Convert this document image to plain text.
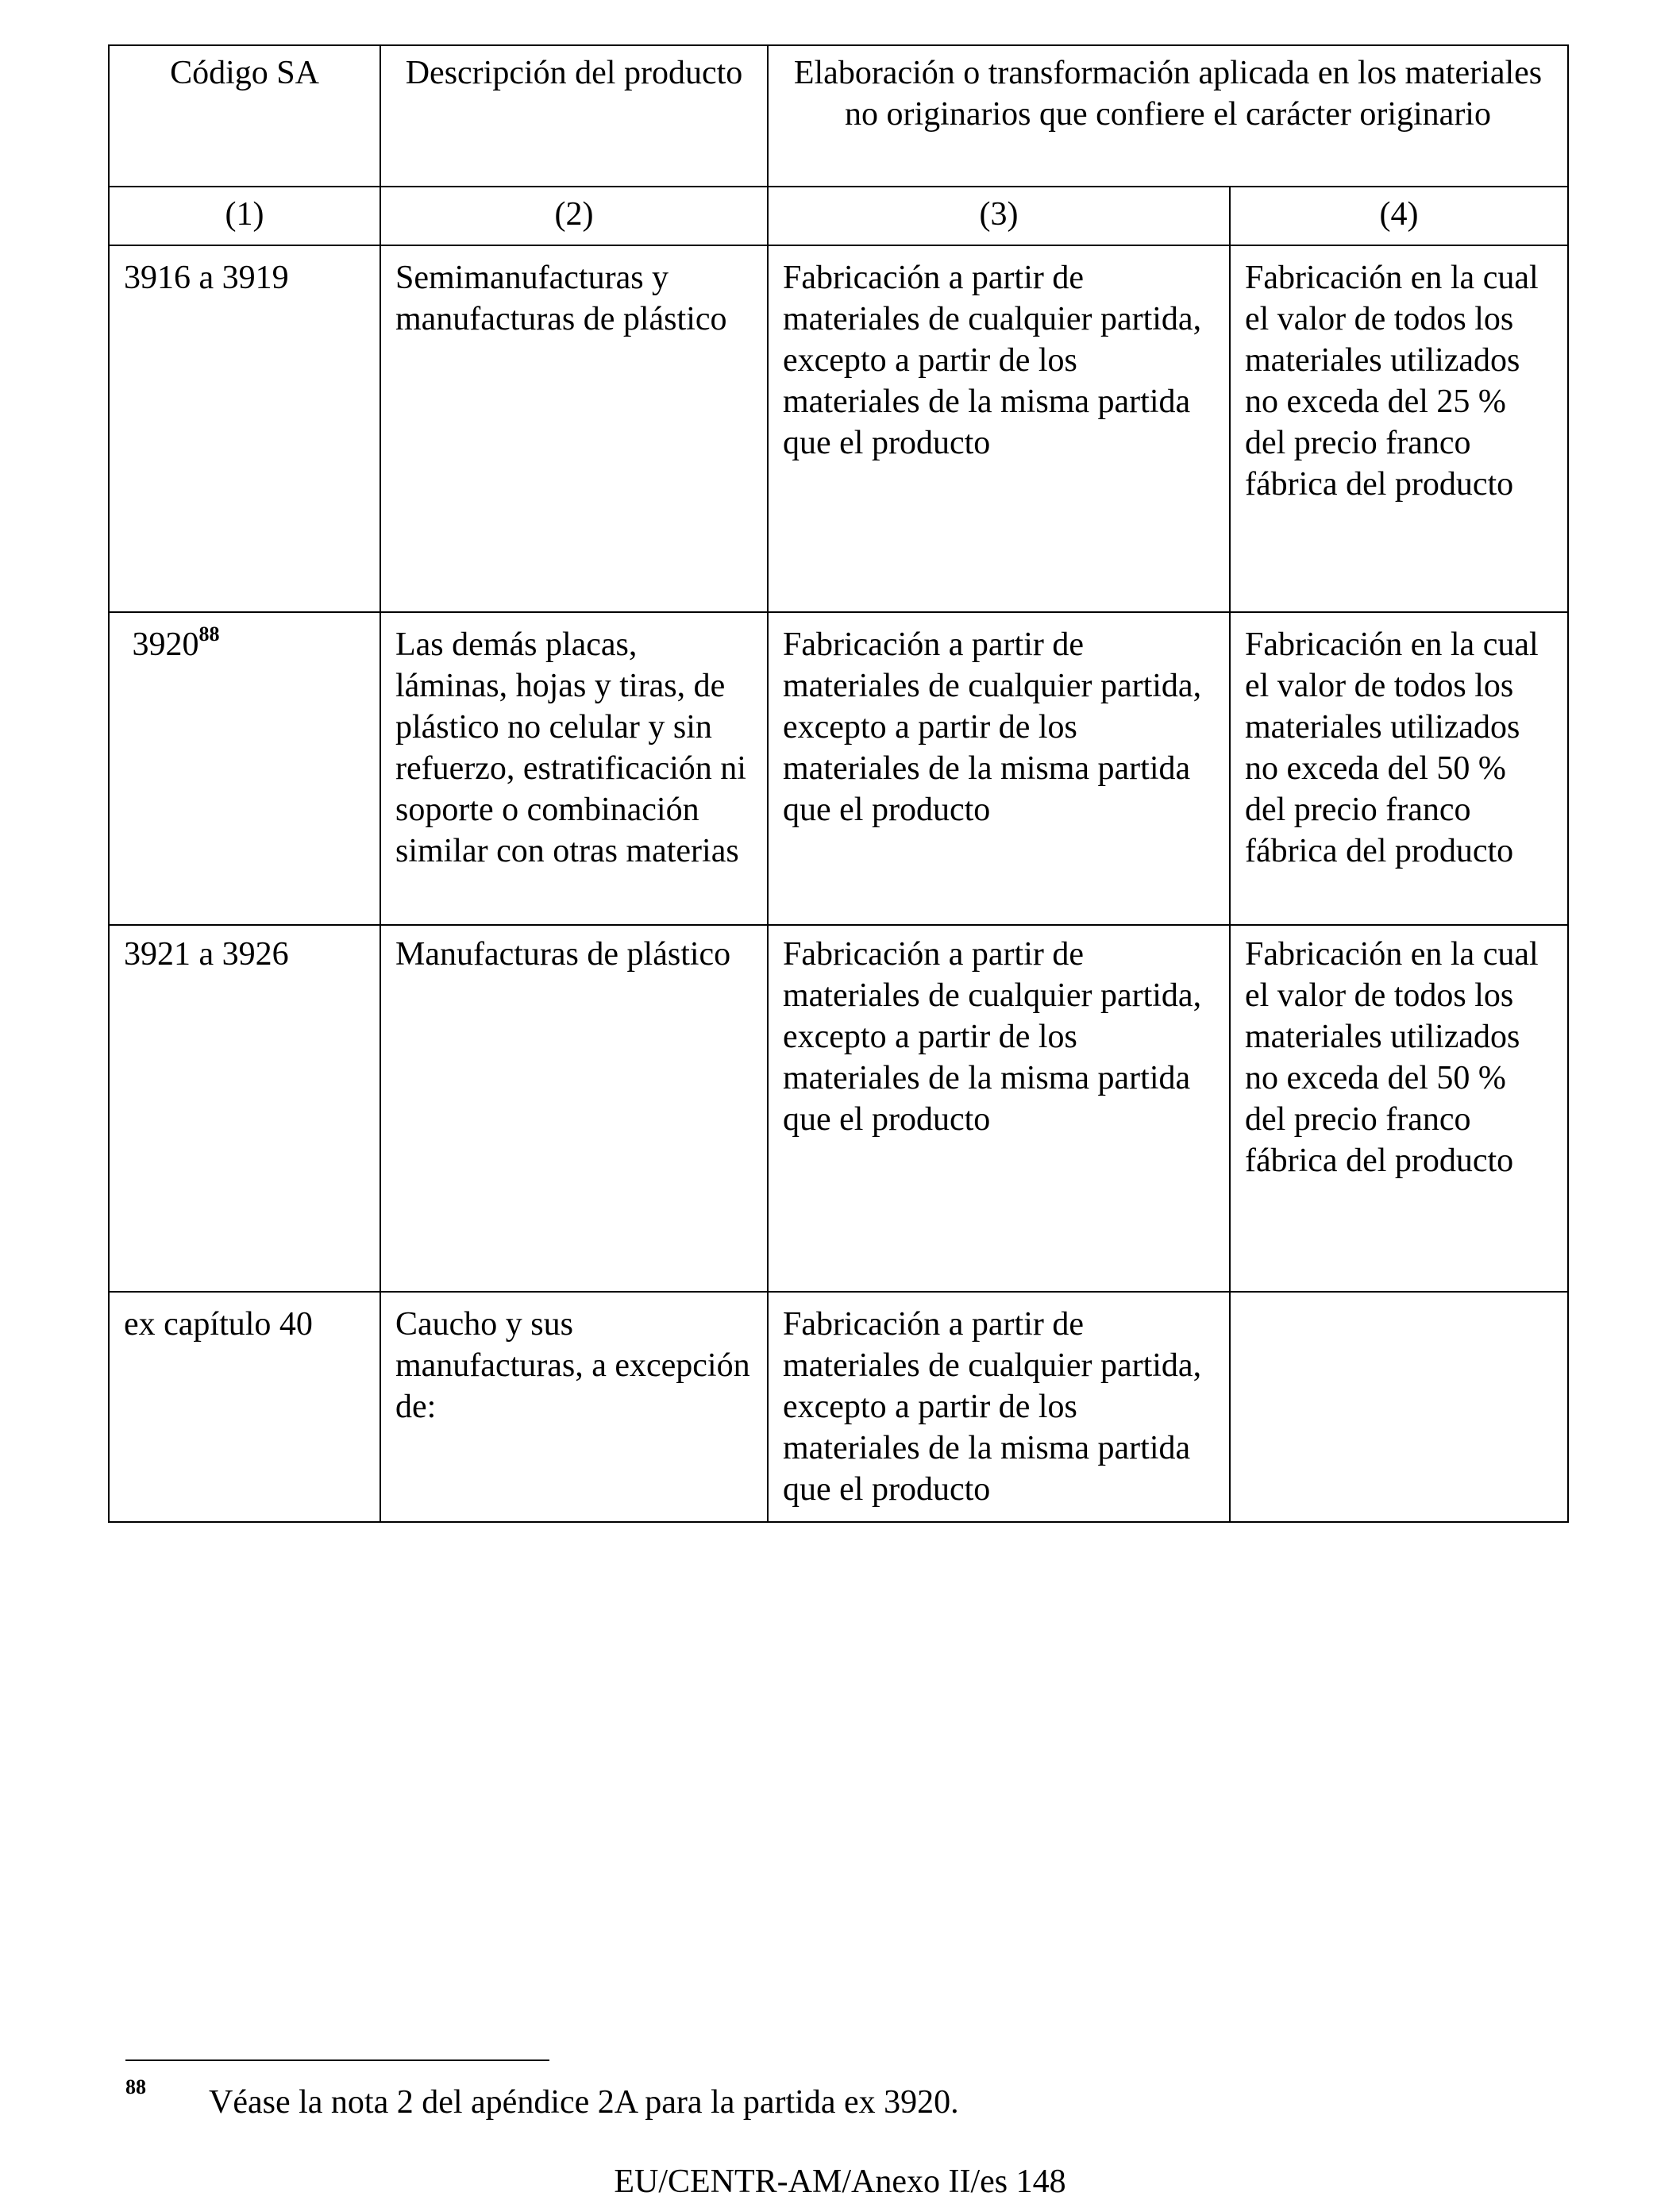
Código SA	Descripción del producto	Elaboración o transformación aplicada en los materiales no originarios que confiere el carácter originario	
(1)	(2)	(3)	(4)
3916 a 3919	Semimanufacturas y manufacturas de plástico	Fabricación a partir de materiales de cualquier partida, excepto a partir de los materiales de la misma partida que el producto	Fabricación en la cual el valor de todos los materiales utilizados no exceda del 25 % del precio franco fábrica del producto
3920$^{88}$	Las demás placas, láminas, hojas y tiras, de plástico no celular y sin refuerzo, estratificación ni soporte o combinación similar con otras materias	Fabricación a partir de materiales de cualquier partida, excepto a partir de los materiales de la misma partida que el producto	Fabricación en la cual el valor de todos los materiales utilizados no exceda del 50 % del precio franco fábrica del producto
3921 a 3926	Manufacturas de plástico	Fabricación a partir de materiales de cualquier partida, excepto a partir de los materiales de la misma partida que el producto	Fabricación en la cual el valor de todos los materiales utilizados no exceda del 50 % del precio franco fábrica del producto
ex capítulo 40	Caucho y sus manufacturas, a excepción de:	Fabricación a partir de materiales de cualquier partida, excepto a partir de los materiales de la misma partida que el producto	
88 Véase la nota 2 del apéndice 2A para la partida ex 3920.
EU/CENTR-AM/Anexo II/es 148
